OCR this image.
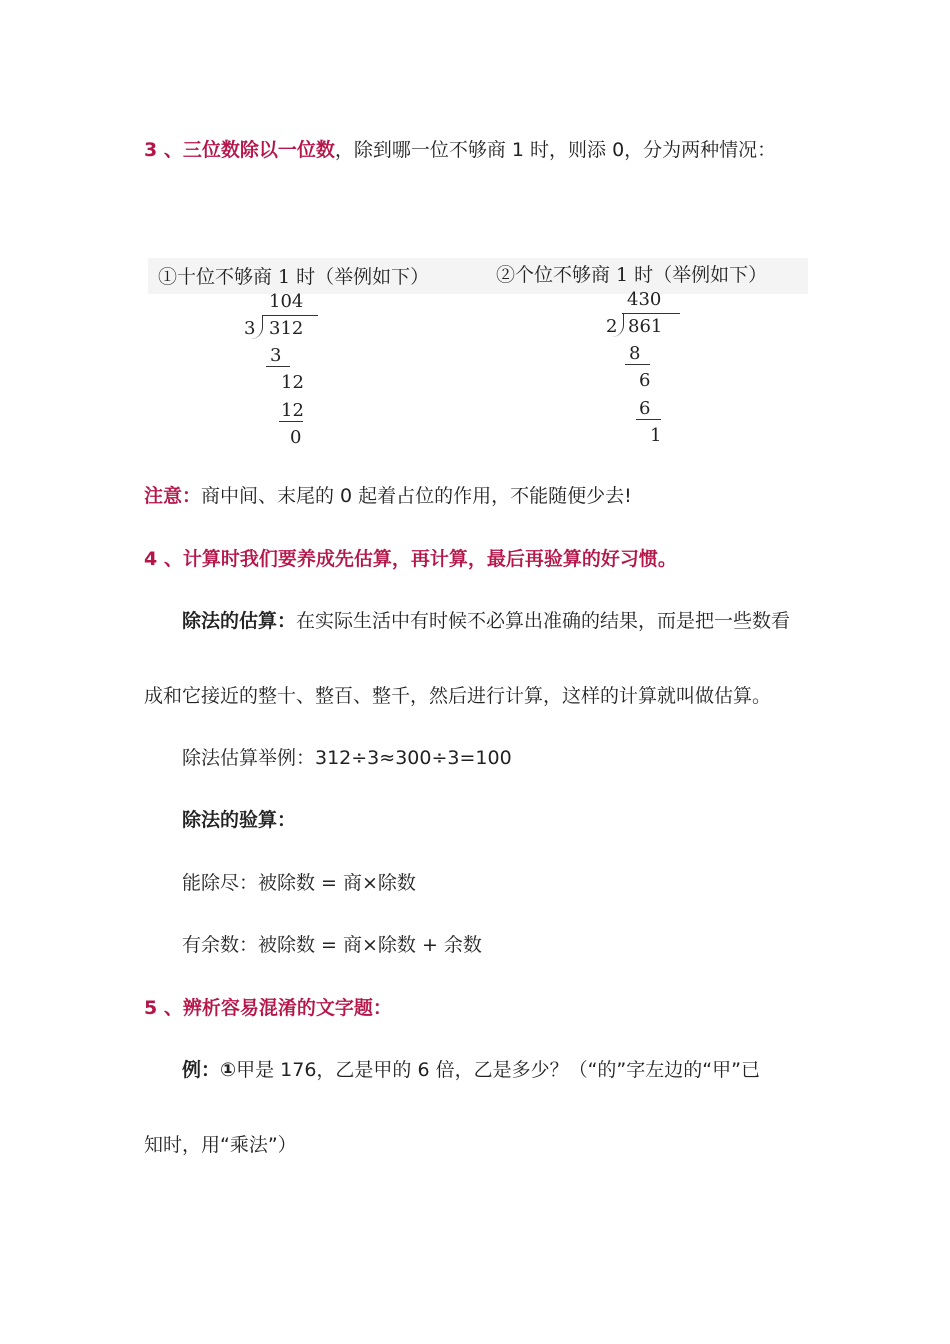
3 、三位数除以一位数，除到哪一位不够商 1 时，则添 0，分为两种情况：
①十位不够商 1 时（举例如下）
104
3 312
3
12
12
0
②个位不够商 1 时（举例如下）
430
2 861
8
6
6
1
注意：商中间、末尾的 0 起着占位的作用，不能随便少去!
4 、计算时我们要养成先估算，再计算，最后再验算的好习惯。
除法的估算：在实际生活中有时候不必算出准确的结果，而是把一些数看
成和它接近的整十、整百、整千，然后进行计算，这样的计算就叫做估算。
除法估算举例：312÷3≈300÷3=100
除法的验算：
能除尽：被除数 = 商×除数
有余数：被除数 = 商×除数 + 余数
5 、辨析容易混淆的文字题：
例：①甲是 176，乙是甲的 6 倍，乙是多少？（“的”字左边的“甲”已
知时，用“乘法”）
